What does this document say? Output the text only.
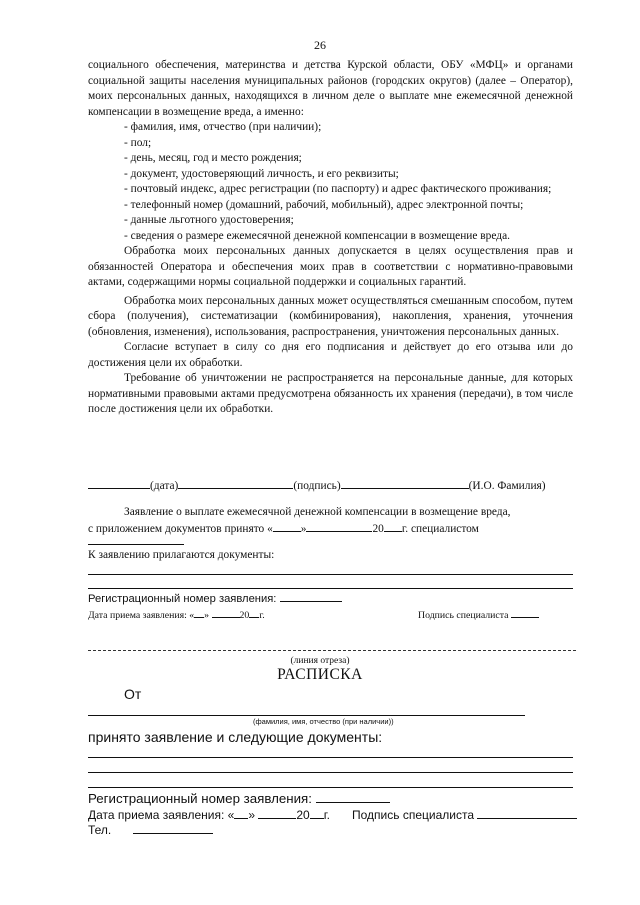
26

социального обеспечения, материнства и детства Курской области, ОБУ «МФЦ» и органами социальной защиты населения муниципальных районов (городских округов) (далее – Оператор), моих персональных данных, находящихся в личном деле о выплате мне ежемесячной денежной компенсации в возмещение вреда, а именно:

- фамилия, имя, отчество (при наличии);

- пол;

- день, месяц, год и место рождения;

- документ, удостоверяющий личность, и его реквизиты;

- почтовый индекс, адрес регистрации (по паспорту) и адрес фактического проживания;

- телефонный номер (домашний, рабочий, мобильный), адрес электронной почты;

- данные льготного удостоверения;

- сведения о размере ежемесячной денежной компенсации в возмещение вреда.

Обработка моих персональных данных допускается в целях осуществления прав и обязанностей Оператора и обеспечения моих прав в соответствии с нормативно-правовыми актами, содержащими нормы социальной поддержки и социальных гарантий.

Обработка моих персональных данных может осуществляться смешанным способом, путем сбора (получения), систематизации (комбинирования), накопления, хранения, уточнения (обновления, изменения), использования, распространения, уничтожения персональных данных.

Согласие вступает в силу со дня его подписания и действует до его отзыва или до достижения цели их обработки.

Требование об уничтожении не распространяется на персональные данные, для которых нормативными правовыми актами предусмотрена обязанность их хранения (передачи), в том числе после достижения цели их обработки.

(дата)	(подпись)	(И.О. Фамилия)

Заявление о выплате ежемесячной денежной компенсации в возмещение вреда,

с приложением документов принято « »	20 г. специалистом

К заявлению прилагаются документы:
Регистрационный номер заявления:
Дата приема заявления: « »	20 г.	Подпись специалиста
(линия отреза)
РАСПИСКА
От
(фамилия, имя, отчество (при наличии))
принято заявление и следующие документы:
Регистрационный номер заявления:
Дата приема заявления: « »	20 г. Подпись специалиста
Тел.
